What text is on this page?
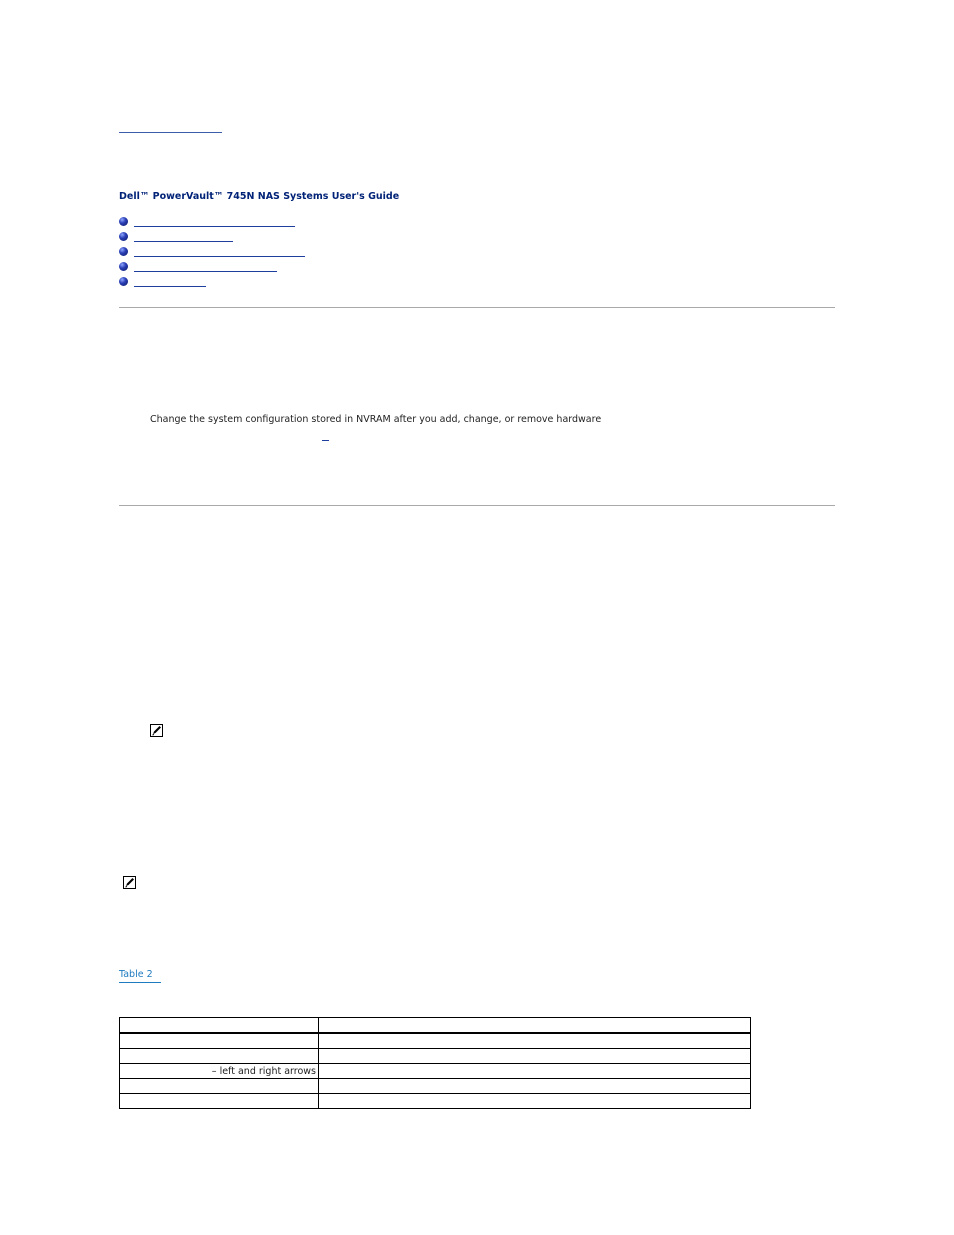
Dell™ PowerVault™ 745N NAS Systems User's Guide
Change the system configuration stored in NVRAM after you add, change, or remove hardware
Table 2

– left and right arrows	
